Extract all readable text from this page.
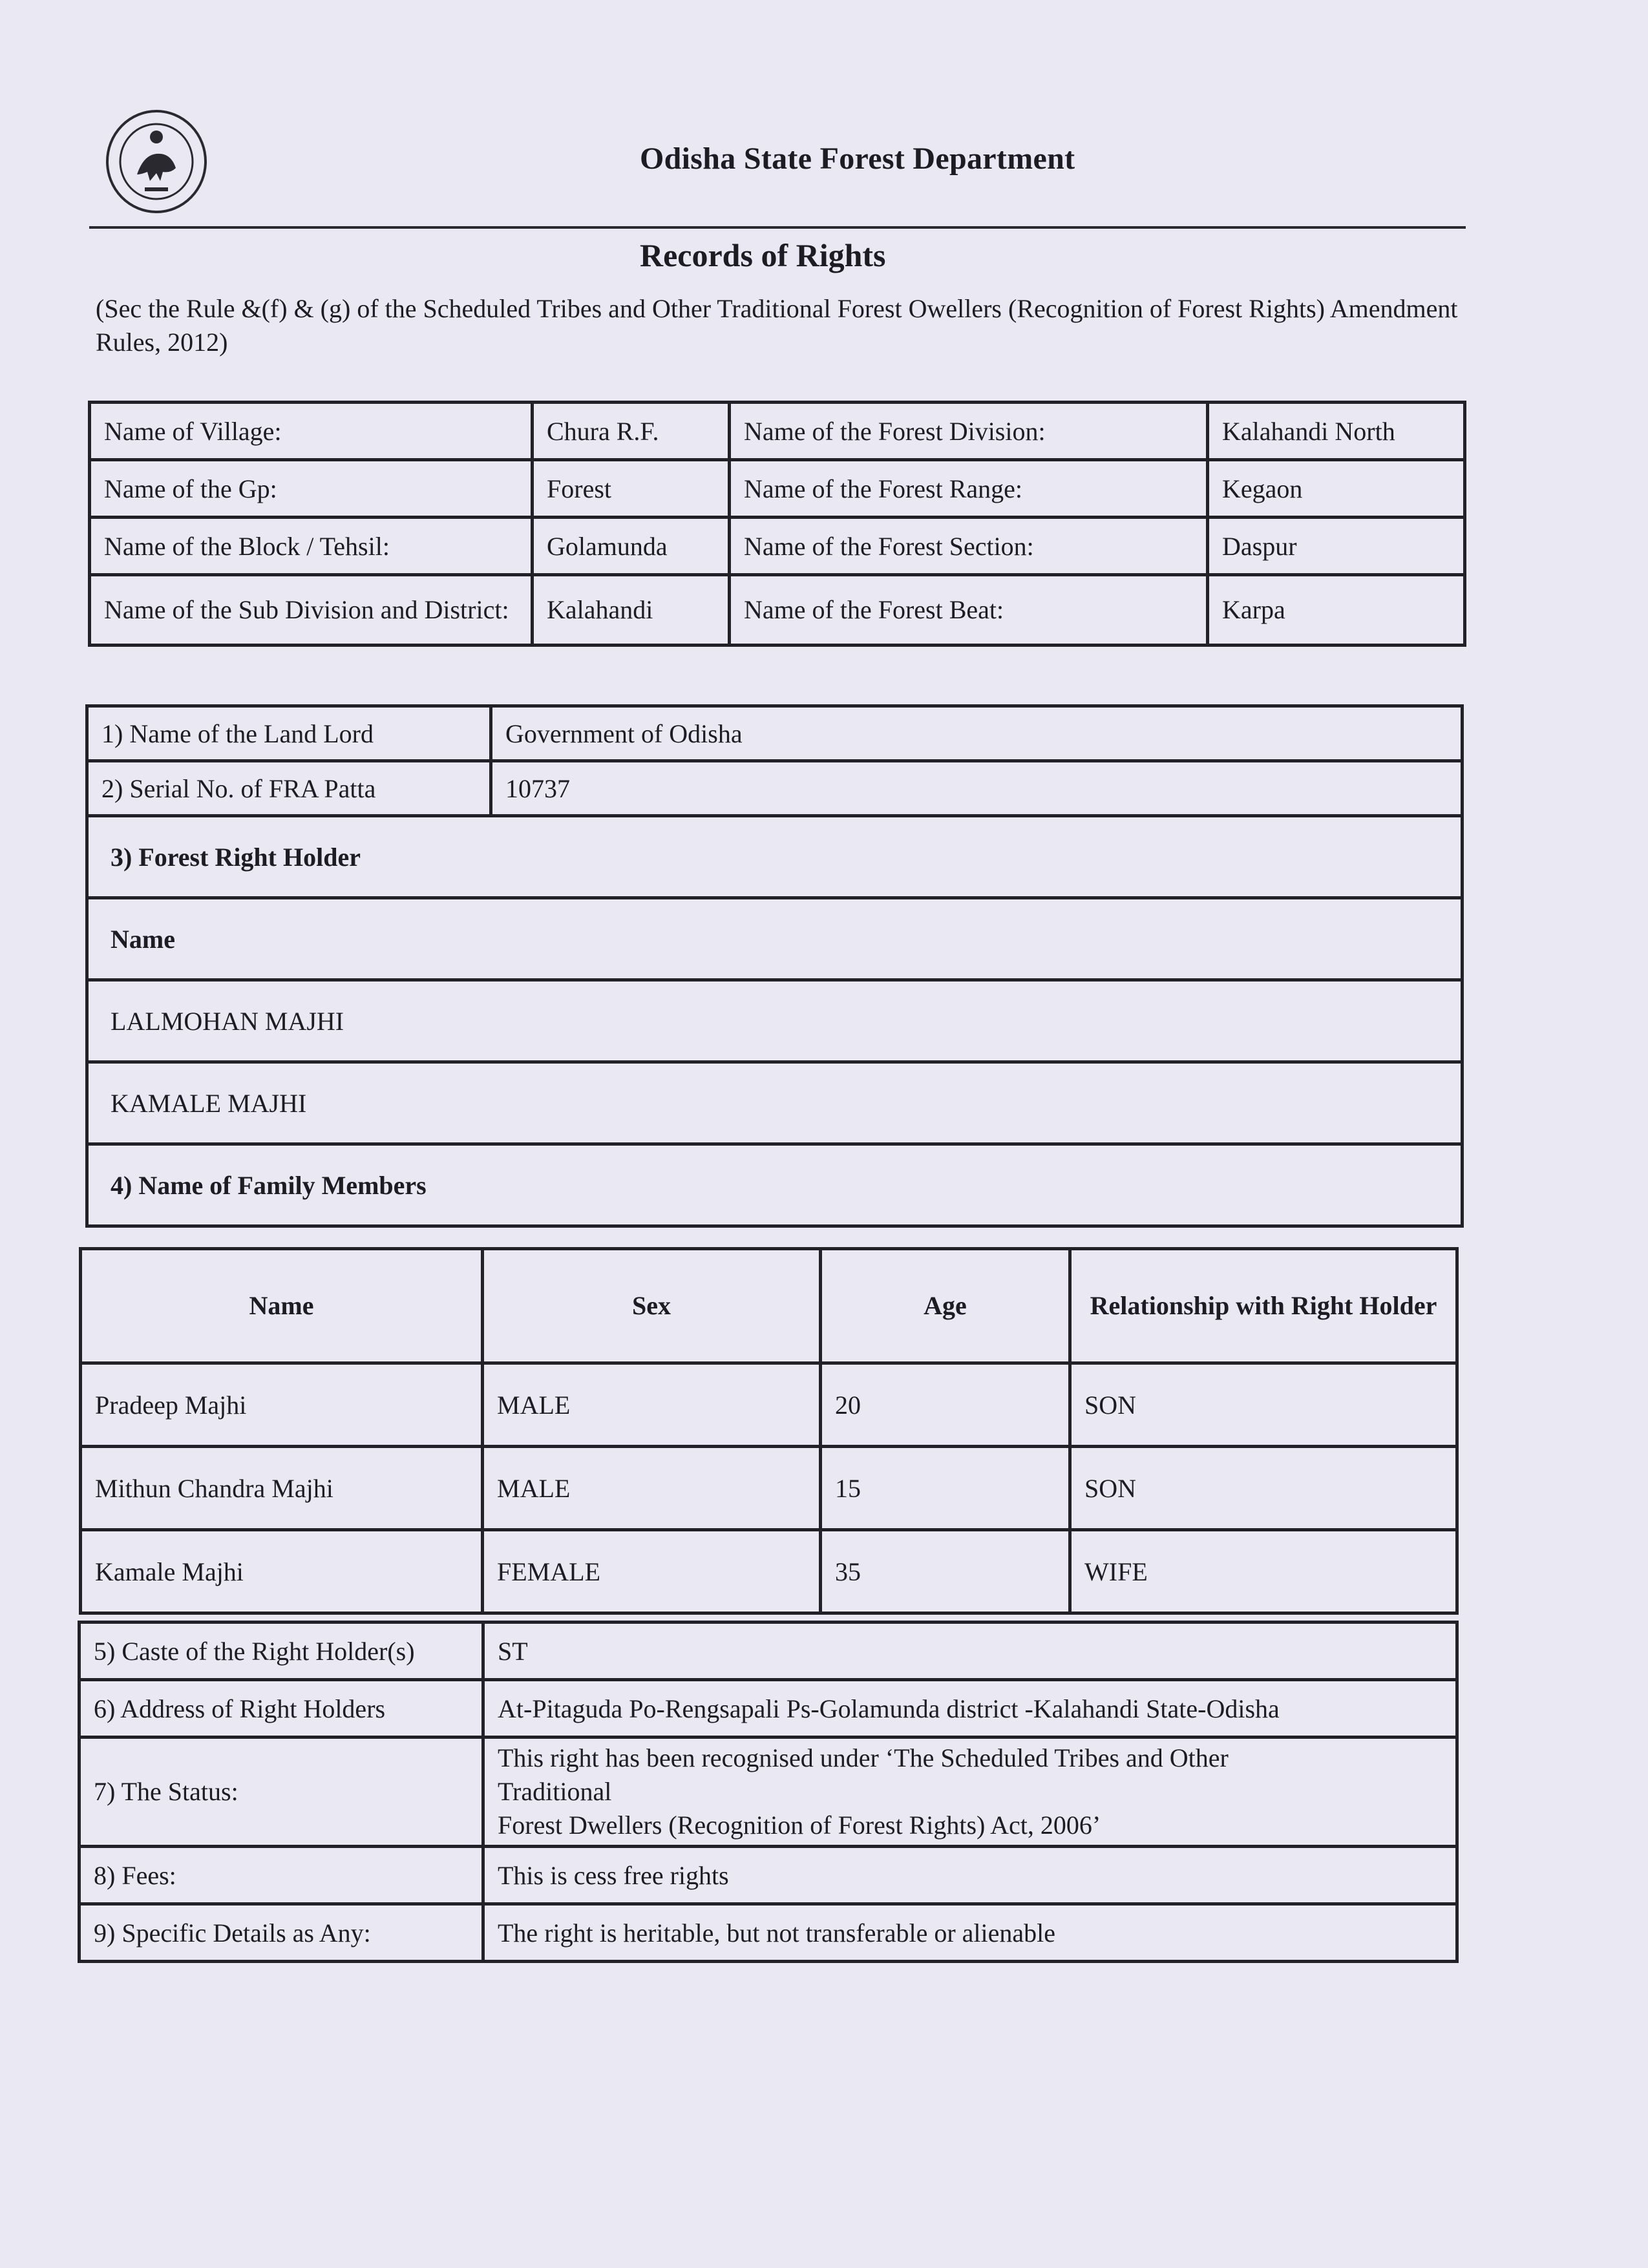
Odisha State Forest Department
Records of Rights
(Sec the Rule &(f) & (g) of the Scheduled Tribes and Other Traditional Forest Owellers (Recognition of Forest Rights) Amendment Rules, 2012)
Name of Village:	Chura R.F.	Name of the Forest Division:	Kalahandi North
Name of the Gp:	Forest	Name of the Forest Range:	Kegaon
Name of the Block / Tehsil:	Golamunda	Name of the Forest Section:	Daspur
Name of the Sub Division and District:	Kalahandi	Name of the Forest Beat:	Karpa
1) Name of the Land Lord	Government of Odisha
2) Serial No. of FRA Patta	10737
3) Forest Right Holder	
Name	
LALMOHAN MAJHI	
KAMALE MAJHI	
4) Name of Family Members	
Name	Sex	Age	Relationship with Right Holder
Pradeep Majhi	MALE	20	SON
Mithun Chandra Majhi	MALE	15	SON
Kamale Majhi	FEMALE	35	WIFE
5) Caste of the Right Holder(s)	ST
6) Address of Right Holders	At-Pitaguda Po-Rengsapali Ps-Golamunda district -Kalahandi State-Odisha
7) The Status:	This right has been recognised under ‘The Scheduled Tribes and Other
Traditional
Forest Dwellers (Recognition of Forest Rights) Act, 2006’

8) Fees:	This is cess free rights
9) Specific Details as Any:	The right is heritable, but not transferable or alienable
